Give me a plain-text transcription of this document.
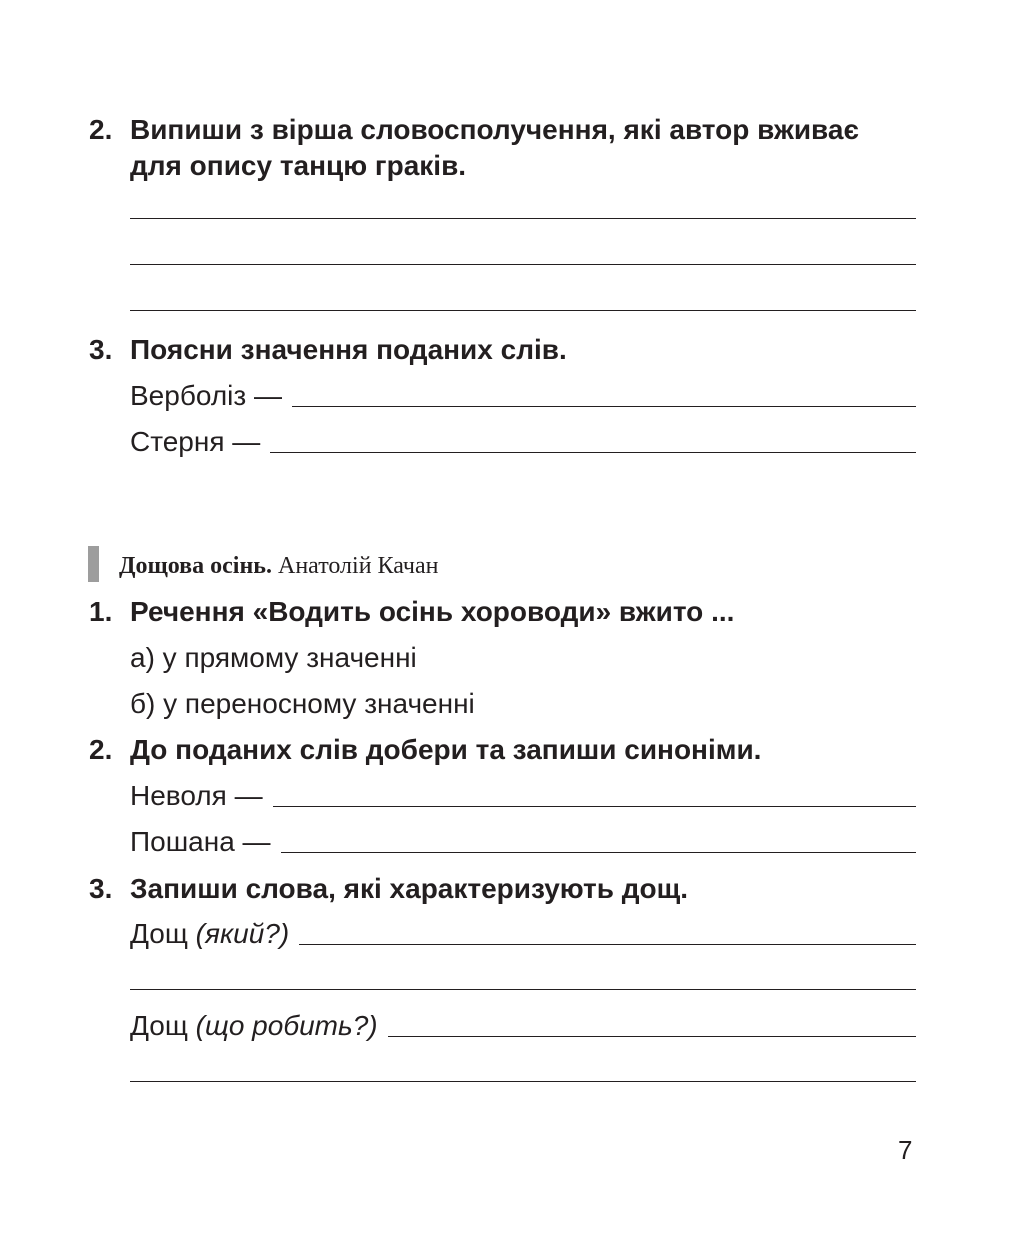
2. Випиши з вірша словосполучення, які автор вживає
для опису танцю граків.
3. Поясни значення поданих слів.
Верболіз —
Стерня —
Дощова осінь. Анатолій Качан
1. Речення «Водить осінь хороводи» вжито ...
а) у прямому значенні
б) у переносному значенні
2. До поданих слів добери та запиши синоніми.
Неволя —
Пошана —
3. Запиши слова, які характеризують дощ.
Дощ
(який?)
Дощ
(що робить?)
7
